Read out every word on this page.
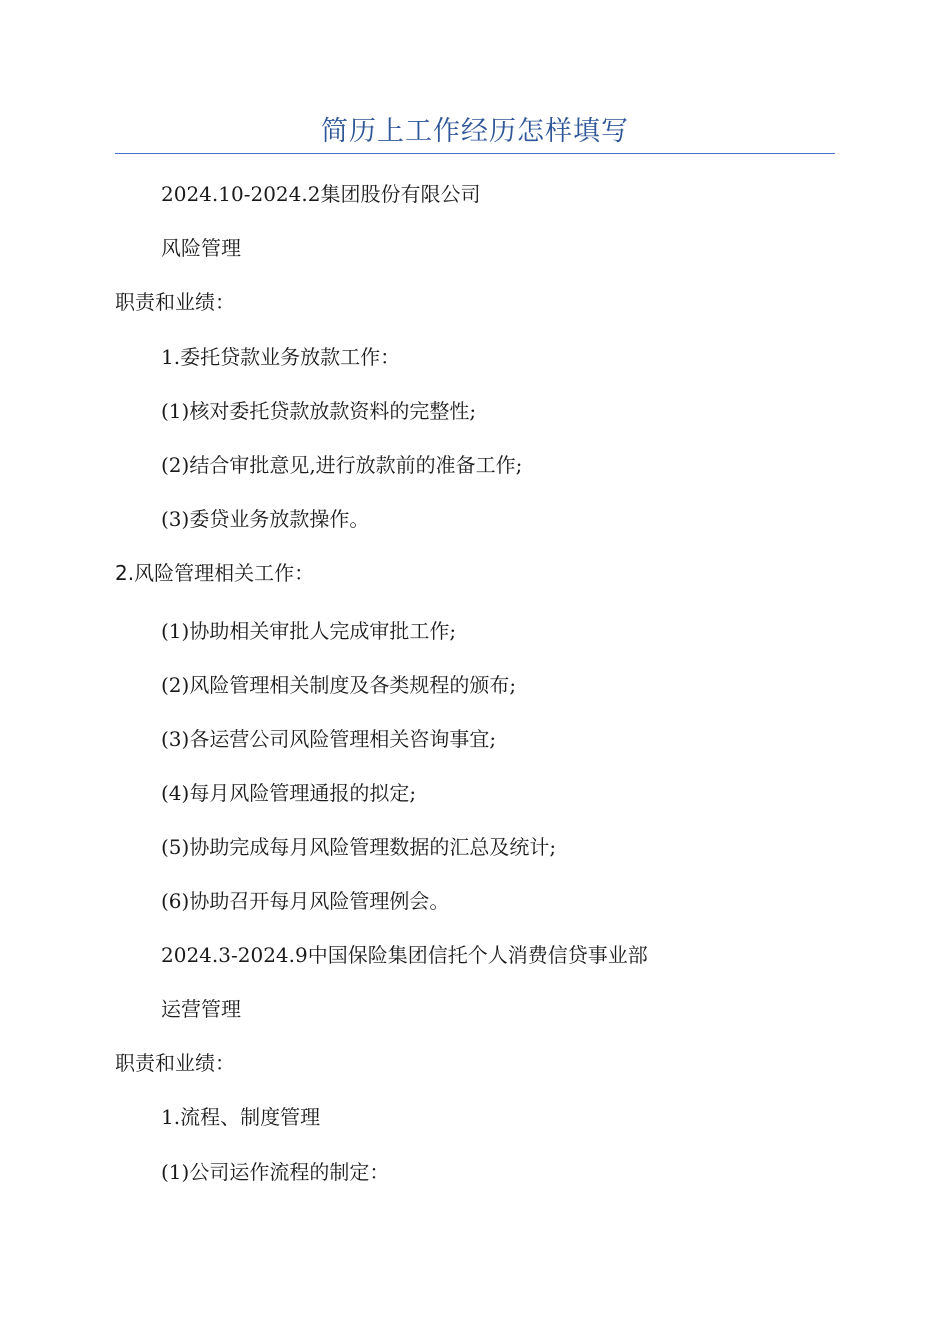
简历上工作经历怎样填写
2024.10-2024.2集团股份有限公司
风险管理
职责和业绩：
1.委托贷款业务放款工作：
(1)核对委托贷款放款资料的完整性;
(2)结合审批意见,进行放款前的准备工作;
(3)委贷业务放款操作。
2.风险管理相关工作：
(1)协助相关审批人完成审批工作;
(2)风险管理相关制度及各类规程的颁布;
(3)各运营公司风险管理相关咨询事宜;
(4)每月风险管理通报的拟定;
(5)协助完成每月风险管理数据的汇总及统计;
(6)协助召开每月风险管理例会。
2024.3-2024.9中国保险集团信托个人消费信贷事业部
运营管理
职责和业绩：
1.流程、制度管理
(1)公司运作流程的制定：
